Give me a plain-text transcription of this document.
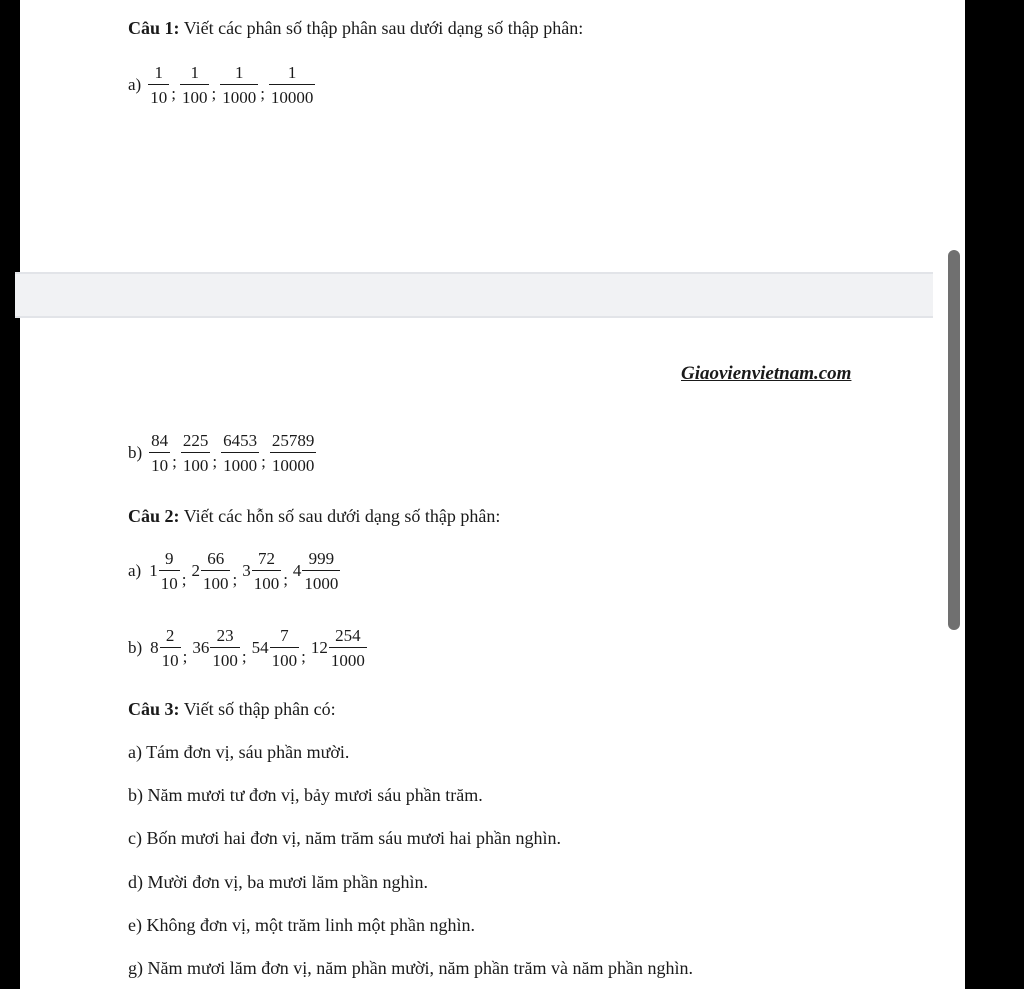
Câu 1: Viết các phân số thập phân sau dưới dạng số thập phân:
$a) \frac{1}{10}$ ; $\frac{1}{100}$ ; $\frac{1}{1000}$ ; $\frac{1}{10000}$
Giaovienvietnam.com
$b) \frac{84}{10}$ ; $\frac{225}{100}$ ; $\frac{6453}{1000}$ ; $\frac{25789}{10000}$
Câu 2: Viết các hỗn số sau dưới dạng số thập phân:
a) $1 \frac{9}{10}$ ; $2 \frac{66}{100}$ ; $3 \frac{72}{100}$ ; $4 \frac{999}{1000}$
b) $8 \frac{2}{10}$ ; $36 \frac{23}{100}$ ; $54 \frac{7}{100}$ ; $12 \frac{254}{1000}$
Câu 3: Viết số thập phân có:
a) Tám đơn vị, sáu phần mười.
b) Năm mươi tư đơn vị, bảy mươi sáu phần trăm.
c) Bốn mươi hai đơn vị, năm trăm sáu mươi hai phần nghìn.
d) Mười đơn vị, ba mươi lăm phần nghìn.
e) Không đơn vị, một trăm linh một phần nghìn.
g) Năm mươi lăm đơn vị, năm phần mười, năm phần trăm và năm phần nghìn.
